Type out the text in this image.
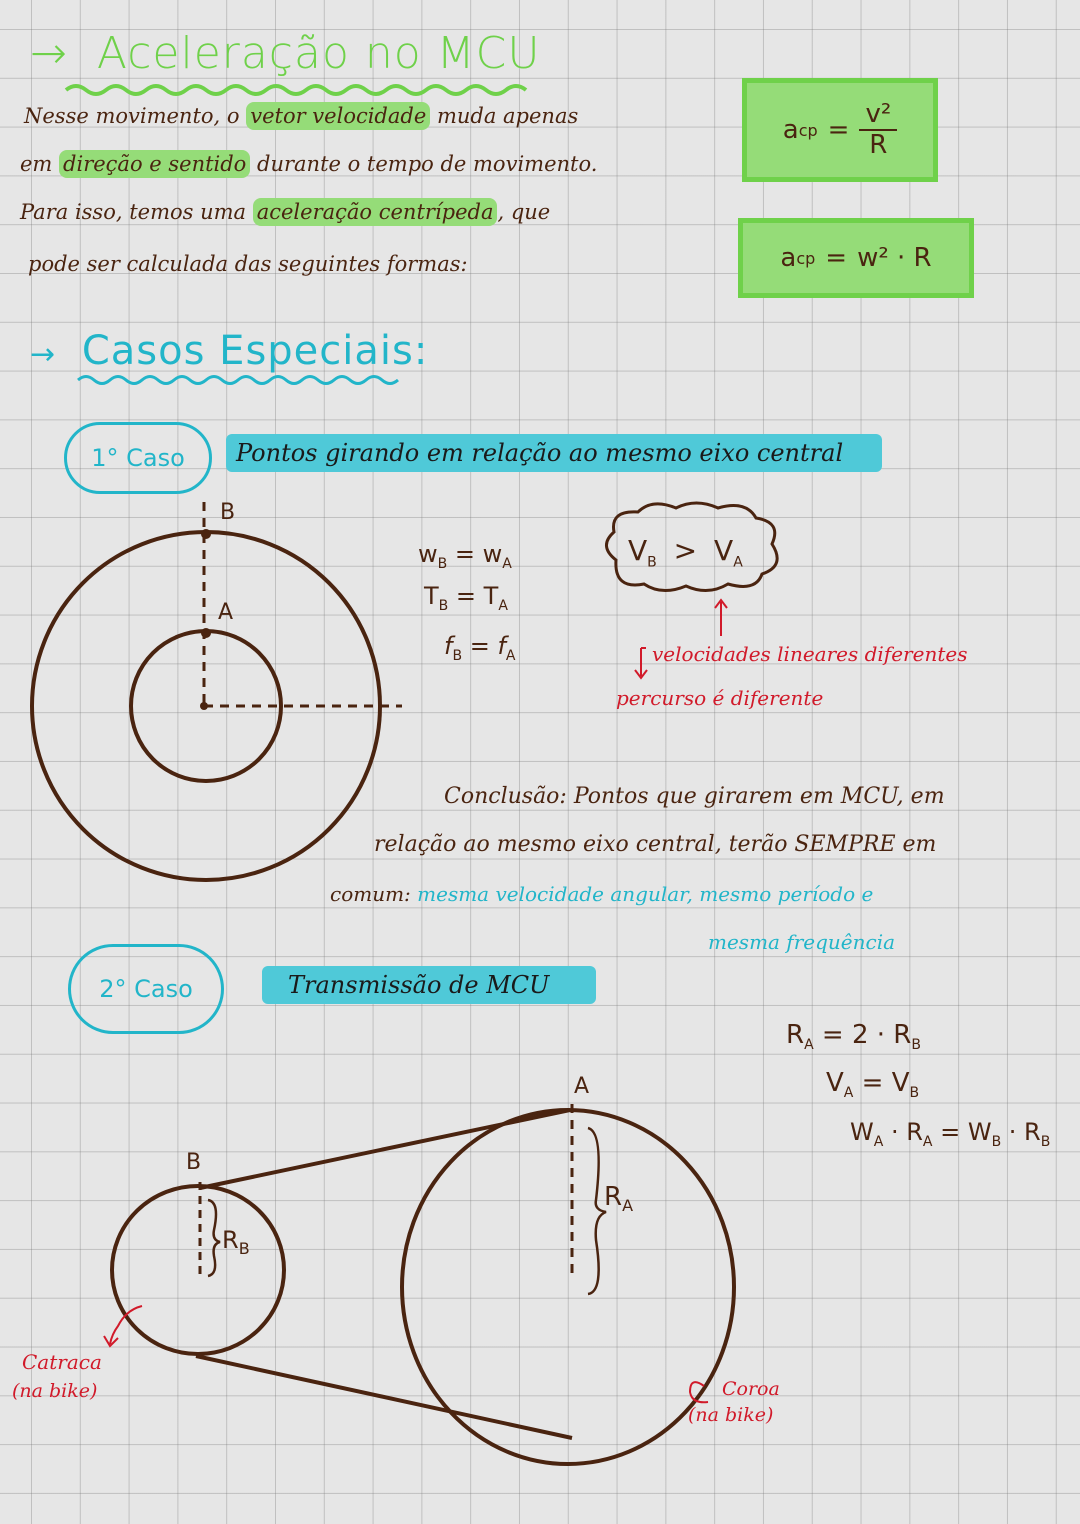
→ Aceleração no MCU
Nesse movimento, o vetor velocidade muda apenas
em direção e sentido durante o tempo de movimento.
Para isso, temos uma aceleração centrípeda , que
pode ser calculada das seguintes formas:
a cp = $\frac{\text{v²}}{R}$
a cp = w² · R
→ Casos Especiais:
1° Caso	Pontos girando em relação ao mesmo eixo central
B
A
$w_B = w_A$
$T_B = T_A$
$f_B = f_A$
$V_B > V_A$
velocidades lineares diferentes
percurso é diferente
Conclusão: Pontos que girarem em MCU, em
relação ao mesmo eixo central, terão SEMPRE em
comum: mesma velocidade angular, mesmo período e
mesma frequência
2° Caso	Transmissão de MCU
$R_A = 2 \cdot R_B$
$V_A = V_B$
$W_A \cdot R_A = W_B \cdot R_B$
B
A
$R_B$
$R_A$
Catraca
(na bike)	Coroa
(na bike)
